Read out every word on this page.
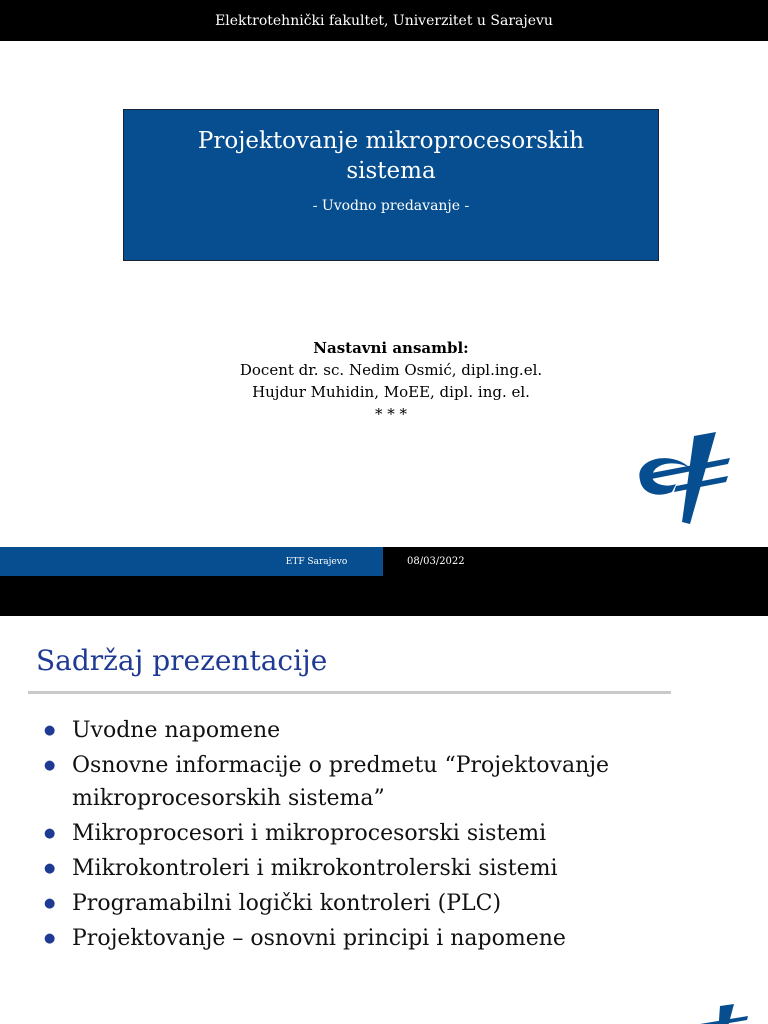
Elektrotehnički fakultet, Univerzitet u Sarajevu
Projektovanje mikroprocesorskih sistema
- Uvodno predavanje -
Nastavni ansambl:
Docent dr. sc. Nedim Osmić, dipl.ing.el.
Hujdur Muhidin, MoEE, dipl. ing. el.
* * *
ETF Sarajevo	08/03/2022
Sadržaj prezentacije
● Uvodne napomene
● Osnovne informacije o predmetu “Projektovanje mikroprocesorskih sistema”
● Mikroprocesori i mikroprocesorski sistemi
● Mikrokontroleri i mikrokontrolerski sistemi
● Programabilni logički kontroleri (PLC)
● Projektovanje – osnovni principi i napomene
